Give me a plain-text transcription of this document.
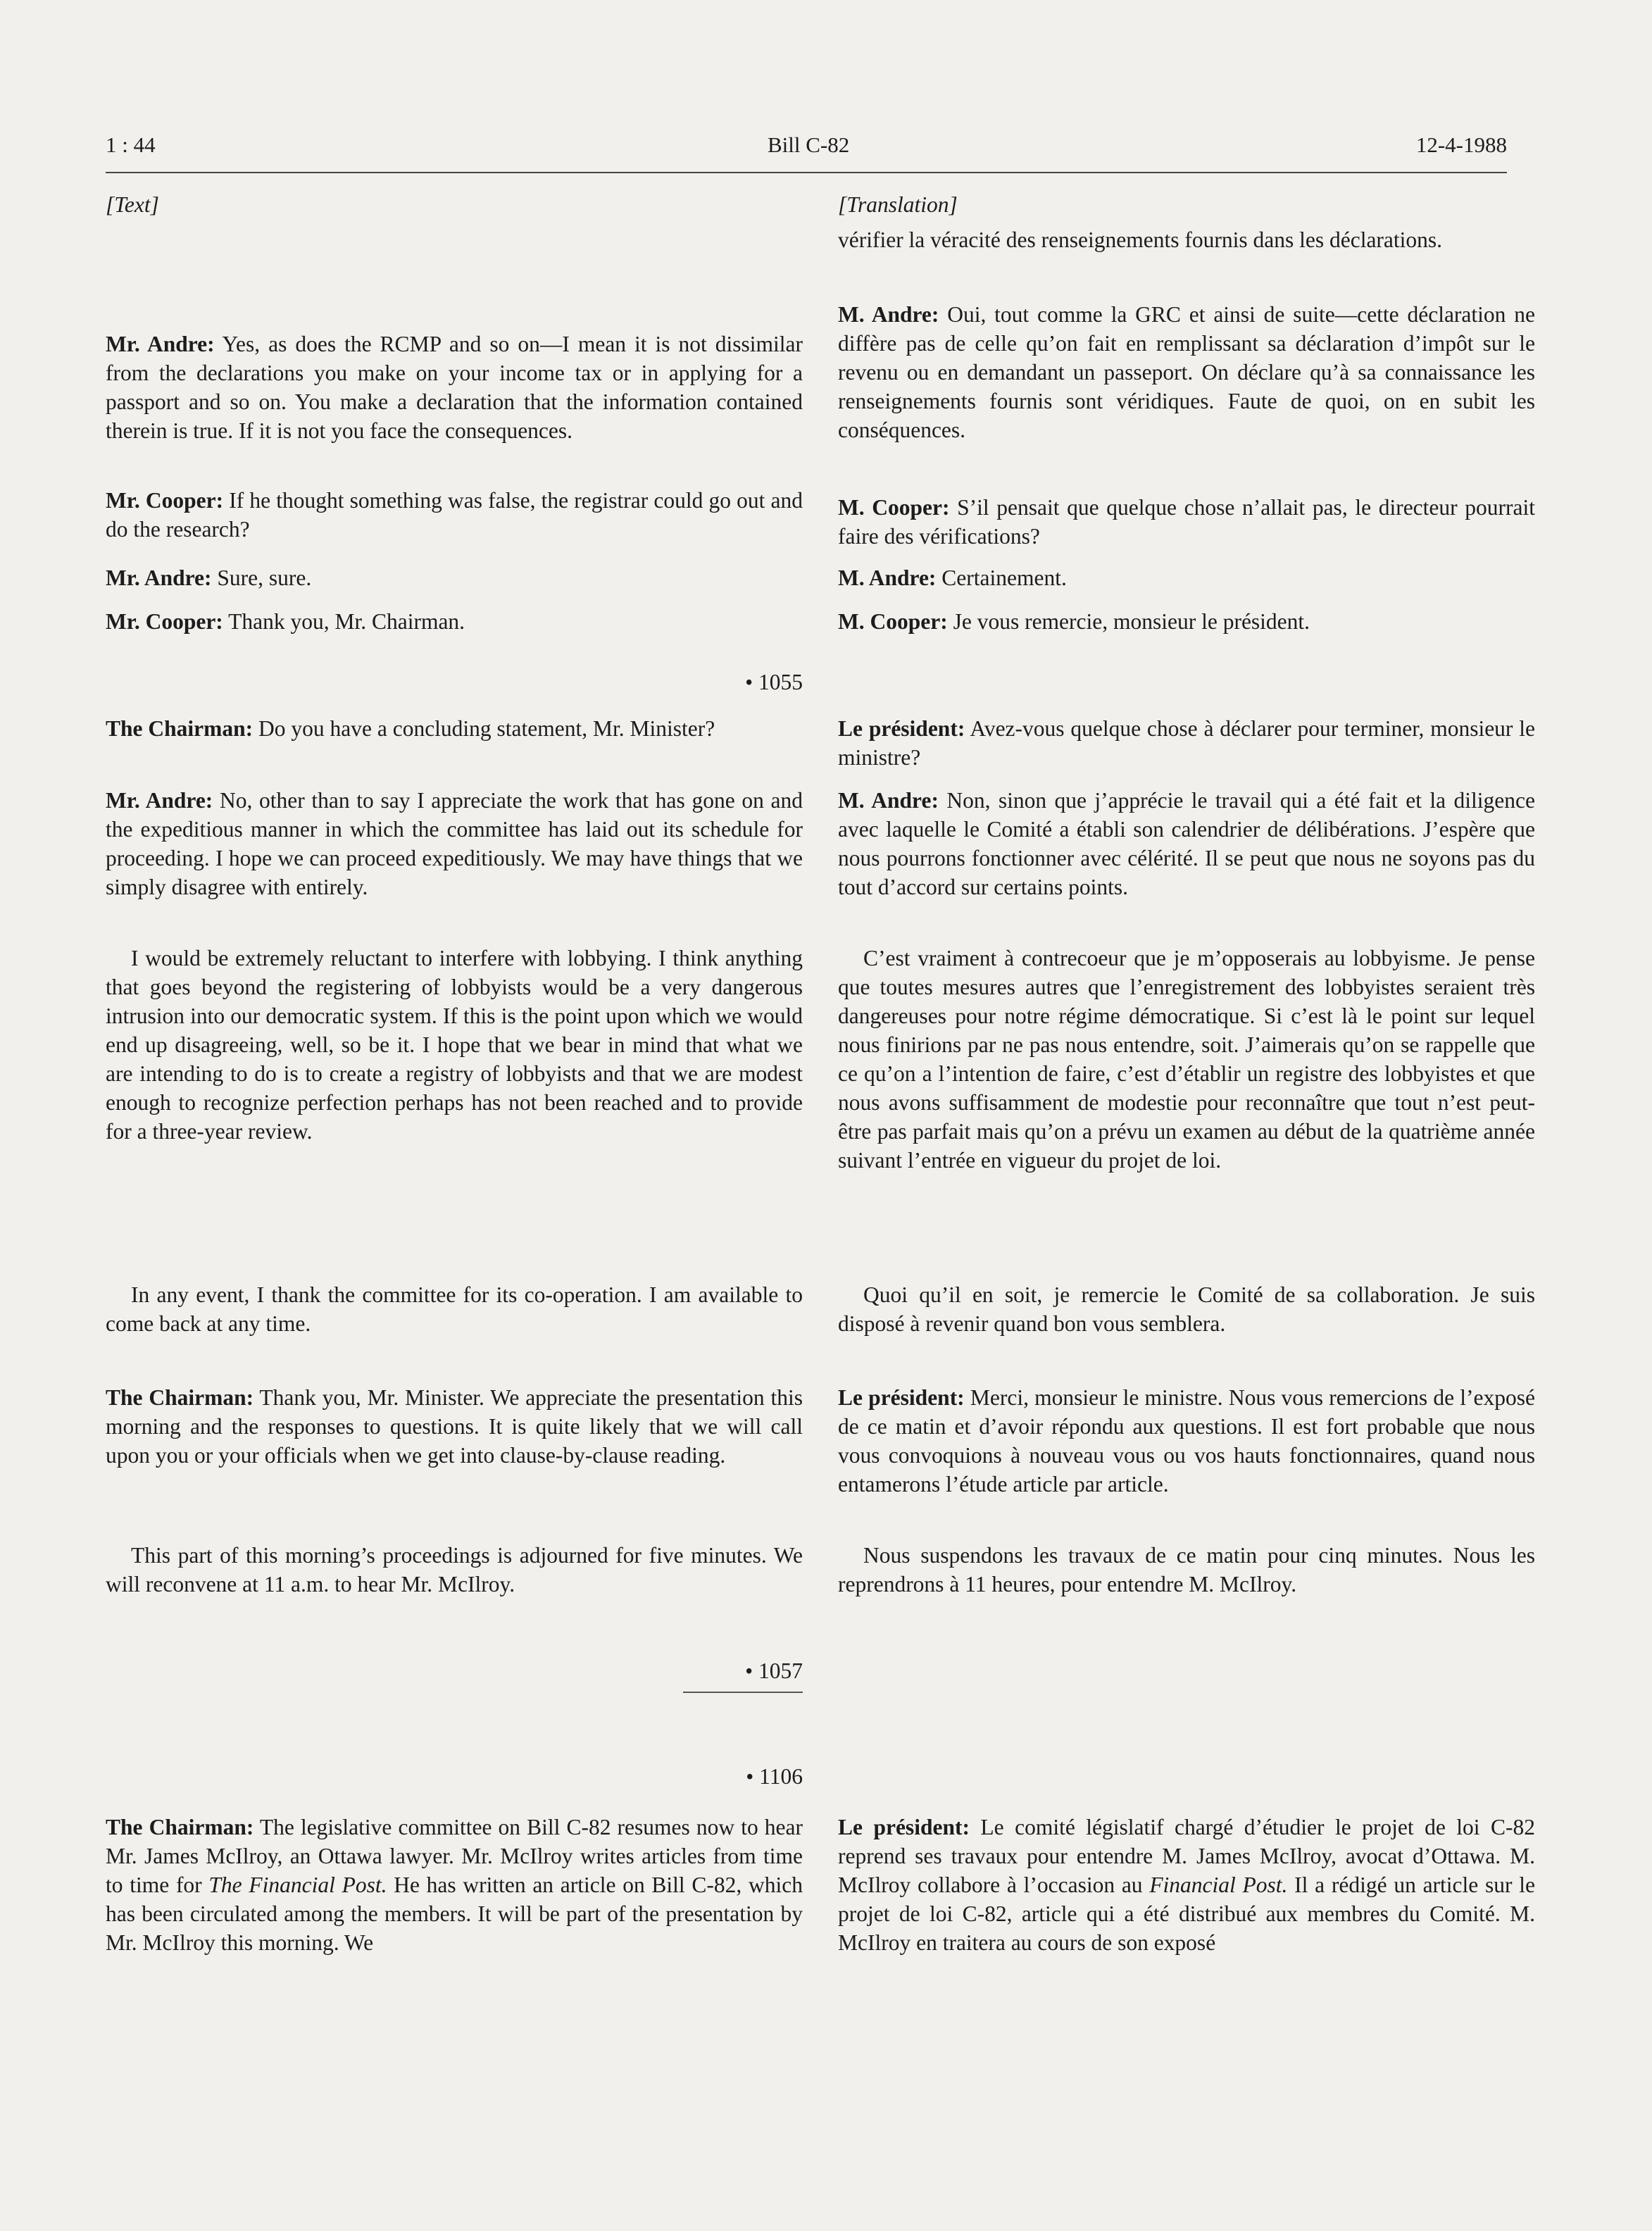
1 : 44	Bill C-82	12-4-1988
[Text]

Mr. Andre: Yes, as does the RCMP and so on—I mean it is not dissimilar from the declarations you make on your income tax or in applying for a passport and so on. You make a declaration that the information contained therein is true. If it is not you face the consequences.

Mr. Cooper: If he thought something was false, the registrar could go out and do the research?

Mr. Andre: Sure, sure.

Mr. Cooper: Thank you, Mr. Chairman.

• 1055

The Chairman: Do you have a concluding statement, Mr. Minister?

Mr. Andre: No, other than to say I appreciate the work that has gone on and the expeditious manner in which the committee has laid out its schedule for proceeding. I hope we can proceed expeditiously. We may have things that we simply disagree with entirely.

I would be extremely reluctant to interfere with lobbying. I think anything that goes beyond the registering of lobbyists would be a very dangerous intrusion into our democratic system. If this is the point upon which we would end up disagreeing, well, so be it. I hope that we bear in mind that what we are intending to do is to create a registry of lobbyists and that we are modest enough to recognize perfection perhaps has not been reached and to provide for a three-year review.

In any event, I thank the committee for its co-operation. I am available to come back at any time.

The Chairman: Thank you, Mr. Minister. We appreciate the presentation this morning and the responses to questions. It is quite likely that we will call upon you or your officials when we get into clause-by-clause reading.

This part of this morning’s proceedings is adjourned for five minutes. We will reconvene at 11 a.m. to hear Mr. McIlroy.

• 1057
• 1106

The Chairman: The legislative committee on Bill C-82 resumes now to hear Mr. James McIlroy, an Ottawa lawyer. Mr. McIlroy writes articles from time to time for The Financial Post. He has written an article on Bill C-82, which has been circulated among the members. It will be part of the presentation by Mr. McIlroy this morning. We

[Translation]

vérifier la véracité des renseignements fournis dans les déclarations.

M. Andre: Oui, tout comme la GRC et ainsi de suite—cette déclaration ne diffère pas de celle qu’on fait en remplissant sa déclaration d’impôt sur le revenu ou en demandant un passeport. On déclare qu’à sa connaissance les renseignements fournis sont véridiques. Faute de quoi, on en subit les conséquences.

M. Cooper: S’il pensait que quelque chose n’allait pas, le directeur pourrait faire des vérifications?

M. Andre: Certainement.

M. Cooper: Je vous remercie, monsieur le président.

Le président: Avez-vous quelque chose à déclarer pour terminer, monsieur le ministre?

M. Andre: Non, sinon que j’apprécie le travail qui a été fait et la diligence avec laquelle le Comité a établi son calendrier de délibérations. J’espère que nous pourrons fonctionner avec célérité. Il se peut que nous ne soyons pas du tout d’accord sur certains points.

C’est vraiment à contrecoeur que je m’opposerais au lobbyisme. Je pense que toutes mesures autres que l’enregistrement des lobbyistes seraient très dangereuses pour notre régime démocratique. Si c’est là le point sur lequel nous finirions par ne pas nous entendre, soit. J’aimerais qu’on se rappelle que ce qu’on a l’intention de faire, c’est d’établir un registre des lobbyistes et que nous avons suffisamment de modestie pour reconnaître que tout n’est peut-être pas parfait mais qu’on a prévu un examen au début de la quatrième année suivant l’entrée en vigueur du projet de loi.

Quoi qu’il en soit, je remercie le Comité de sa collaboration. Je suis disposé à revenir quand bon vous semblera.

Le président: Merci, monsieur le ministre. Nous vous remercions de l’exposé de ce matin et d’avoir répondu aux questions. Il est fort probable que nous vous convoquions à nouveau vous ou vos hauts fonctionnaires, quand nous entamerons l’étude article par article.

Nous suspendons les travaux de ce matin pour cinq minutes. Nous les reprendrons à 11 heures, pour entendre M. McIlroy.

Le président: Le comité législatif chargé d’étudier le projet de loi C-82 reprend ses travaux pour entendre M. James McIlroy, avocat d’Ottawa. M. McIlroy collabore à l’occasion au Financial Post. Il a rédigé un article sur le projet de loi C-82, article qui a été distribué aux membres du Comité. M. McIlroy en traitera au cours de son exposé
